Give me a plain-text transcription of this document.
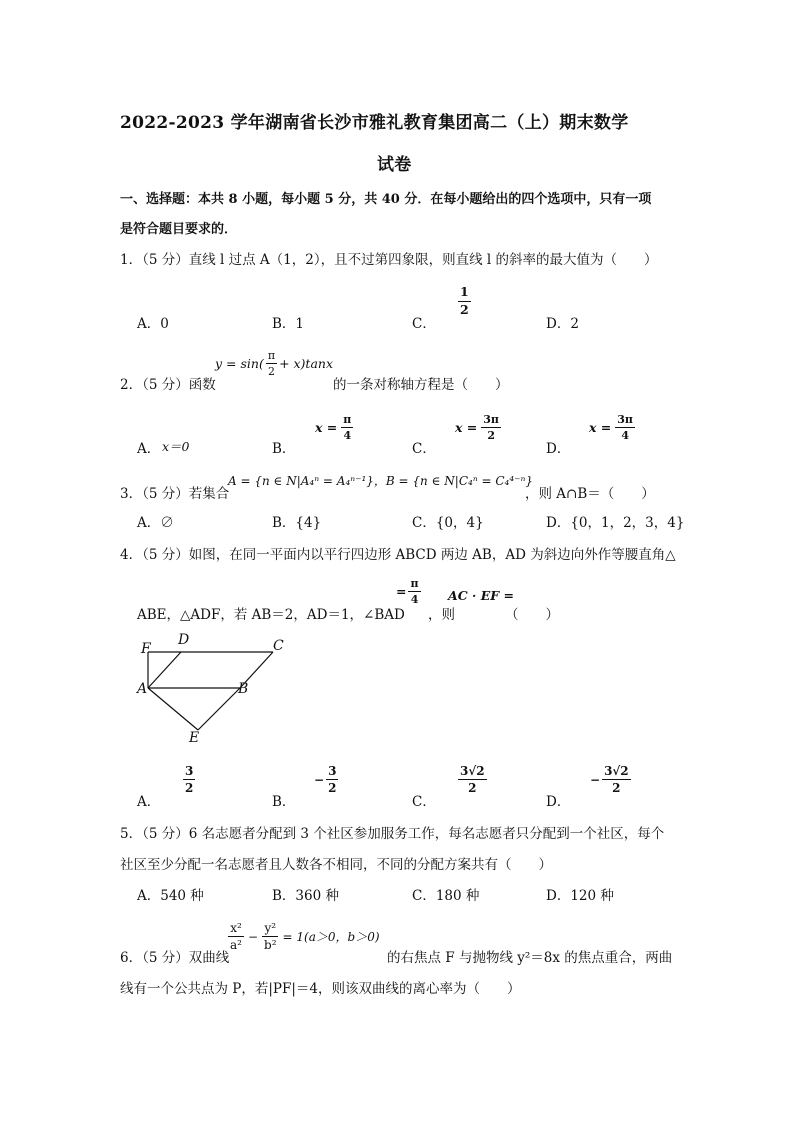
2022-2023 学年湖南省长沙市雅礼教育集团高二（上）期末数学
试卷
一、选择题：本共 8 小题，每小题 5 分，共 40 分．在每小题给出的四个选项中，只有一项
是符合题目要求的．
1．（5 分）直线 l 过点 A（1，2），且不过第四象限，则直线 l 的斜率的最大值为（　　）
A．0	B．1	C．
$\frac{1}{2}$
D．2
2．（5 分）函数
$y = \sin( \frac{\pi}{2} + x)\tan x$
的一条对称轴方程是（　　）
A． x＝0	B．
$x = \frac{\pi}{4}$
C．
$x = \frac{3\pi}{2}$
D．
$x = \frac{3\pi}{4}$
3．（5 分）若集合
A = {n ∈ N|A₄ⁿ = A₄ⁿ⁻¹}，B = {n ∈ N|C₄ⁿ = C₄⁴⁻ⁿ}
，则 A∩B＝（　　）
A．∅	B．{4}	C．{0，4}	D．{0，1，2，3，4}
4．（5 分）如图，在同一平面内以平行四边形 ABCD 两边 AB，AD 为斜边向外作等腰直角△
ABE，△ADF，若 AB＝2，AD＝1，∠BAD
= $\frac{\pi}{4}$
，则
AC · EF =
（　　）
F
D	C
A	B
E
A．
$\frac{3}{2}$
B．
− $\frac{3}{2}$
C．
$\frac{3√2}{2}$
D．
− $\frac{3√2}{2}$
5．（5 分）6 名志愿者分配到 3 个社区参加服务工作，每名志愿者只分配到一个社区，每个
社区至少分配一名志愿者且人数各不相同，不同的分配方案共有（　　）
A．540 种	B．360 种	C．180 种	D．120 种
6．（5 分）双曲线
$\frac{\text{x²}}{\text{a²}} - \frac{\text{y²}}{\text{b²}} = 1(a>0$，b＞0)
的右焦点 F 与抛物线 y²＝8x 的焦点重合，两曲
线有一个公共点为 P，若|PF|＝4，则该双曲线的离心率为（　　）
